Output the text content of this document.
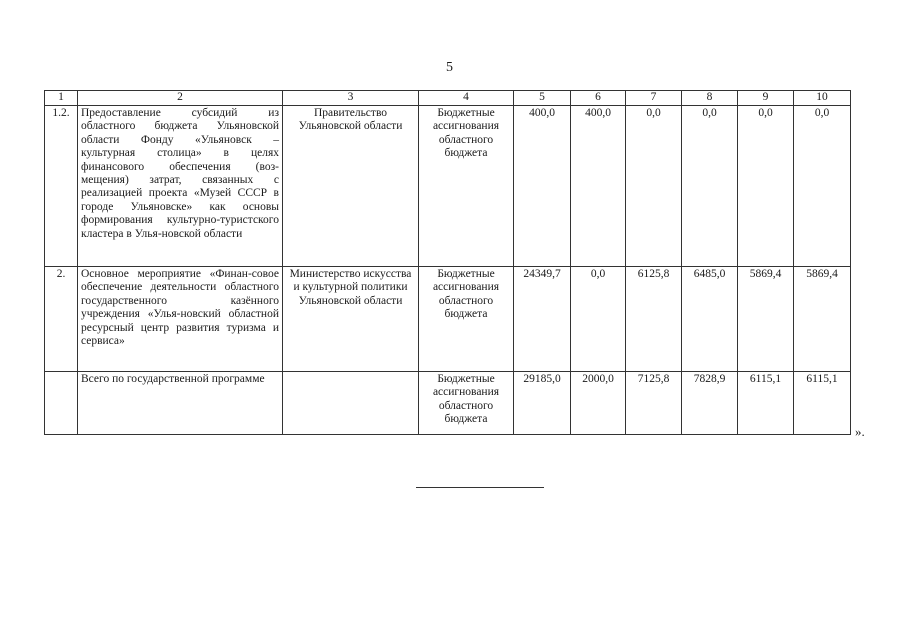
5
1	2	3	4	5	6	7	8	9	10
1.2.	Предоставление субсидий из областного бюджета Ульяновской области Фонду «Ульяновск – культурная столица» в целях финансового обеспечения (воз-мещения) затрат, связанных с реализацией проекта «Музей СССР в городе Ульяновске» как основы формирования культурно-туристского кластера в Улья-новской области	Правительство Ульяновской области	Бюджетные ассигнования областного бюджета	400,0	400,0	0,0	0,0	0,0	0,0
2.	Основное мероприятие «Финан-совое обеспечение деятельности областного государственного казённого учреждения «Улья-новский областной ресурсный центр развития туризма и сервиса»	Министерство искусства и культурной политики Ульяновской области	Бюджетные ассигнования областного бюджета	24349,7	0,0	6125,8	6485,0	5869,4	5869,4
	Всего по государственной программе		Бюджетные ассигнования областного бюджета	29185,0	2000,0	7125,8	7828,9	6115,1	6115,1
».
